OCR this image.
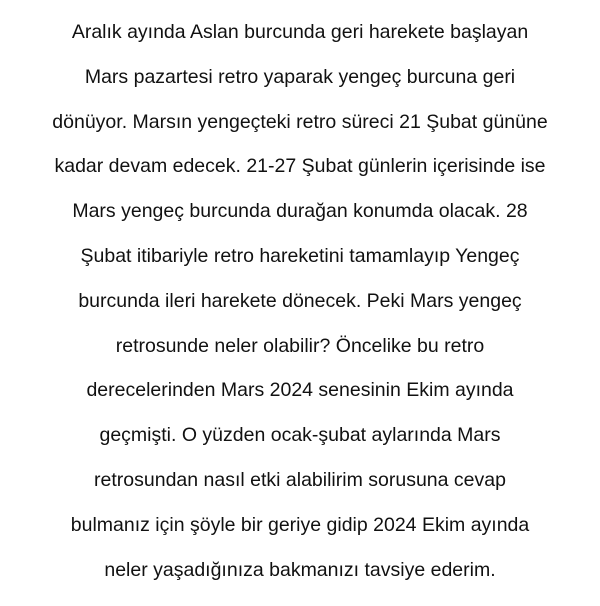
Aralık ayında Aslan burcunda geri harekete başlayan
Mars pazartesi retro yaparak yengeç burcuna geri
dönüyor. Marsın yengeçteki retro süreci 21 Şubat gününe
kadar devam edecek. 21-27 Şubat günlerin içerisinde ise
Mars yengeç burcunda durağan konumda olacak. 28
Şubat itibariyle retro hareketini tamamlayıp Yengeç
burcunda ileri harekete dönecek. Peki Mars yengeç
retrosunde neler olabilir? Öncelike bu retro
derecelerinden Mars 2024 senesinin Ekim ayında
geçmişti. O yüzden ocak-şubat aylarında Mars
retrosundan nasıl etki alabilirim sorusuna cevap
bulmanız için şöyle bir geriye gidip 2024 Ekim ayında
neler yaşadığınıza bakmanızı tavsiye ederim.
